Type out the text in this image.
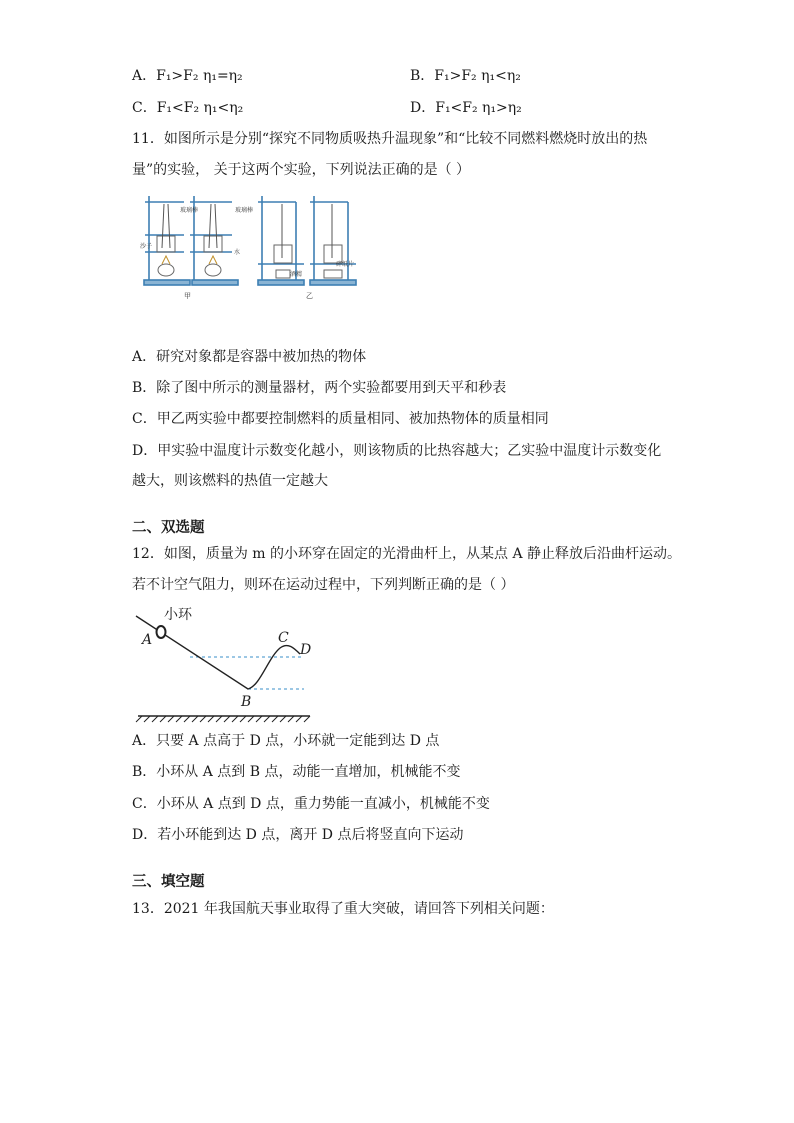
A．F₁>F₂ η₁=η₂	B．F₁>F₂ η₁<η₂
C．F₁<F₂ η₁<η₂	D．F₁<F₂ η₁>η₂
11．如图所示是分别“探究不同物质吸热升温现象”和“比较不同燃料燃烧时放出的热
量”的实验， 关于这两个实验，下列说法正确的是（ ）
玻璃棒	玻璃棒
沙子
水
甲
酒精
碎纸片
乙
A．研究对象都是容器中被加热的物体
B．除了图中所示的测量器材，两个实验都要用到天平和秒表
C．甲乙两实验中都要控制燃料的质量相同、被加热物体的质量相同
D．甲实验中温度计示数变化越小，则该物质的比热容越大；乙实验中温度计示数变化
越大，则该燃料的热值一定越大
二、双选题
12．如图，质量为 m 的小环穿在固定的光滑曲杆上，从某点 A 静止释放后沿曲杆运动。
若不计空气阻力，则环在运动过程中，下列判断正确的是（ ）
小环
A
B
C
D
A．只要 A 点高于 D 点，小环就一定能到达 D 点
B．小环从 A 点到 B 点，动能一直增加，机械能不变
C．小环从 A 点到 D 点，重力势能一直减小，机械能不变
D．若小环能到达 D 点，离开 D 点后将竖直向下运动
三、填空题
13．2021 年我国航天事业取得了重大突破，请回答下列相关问题：
